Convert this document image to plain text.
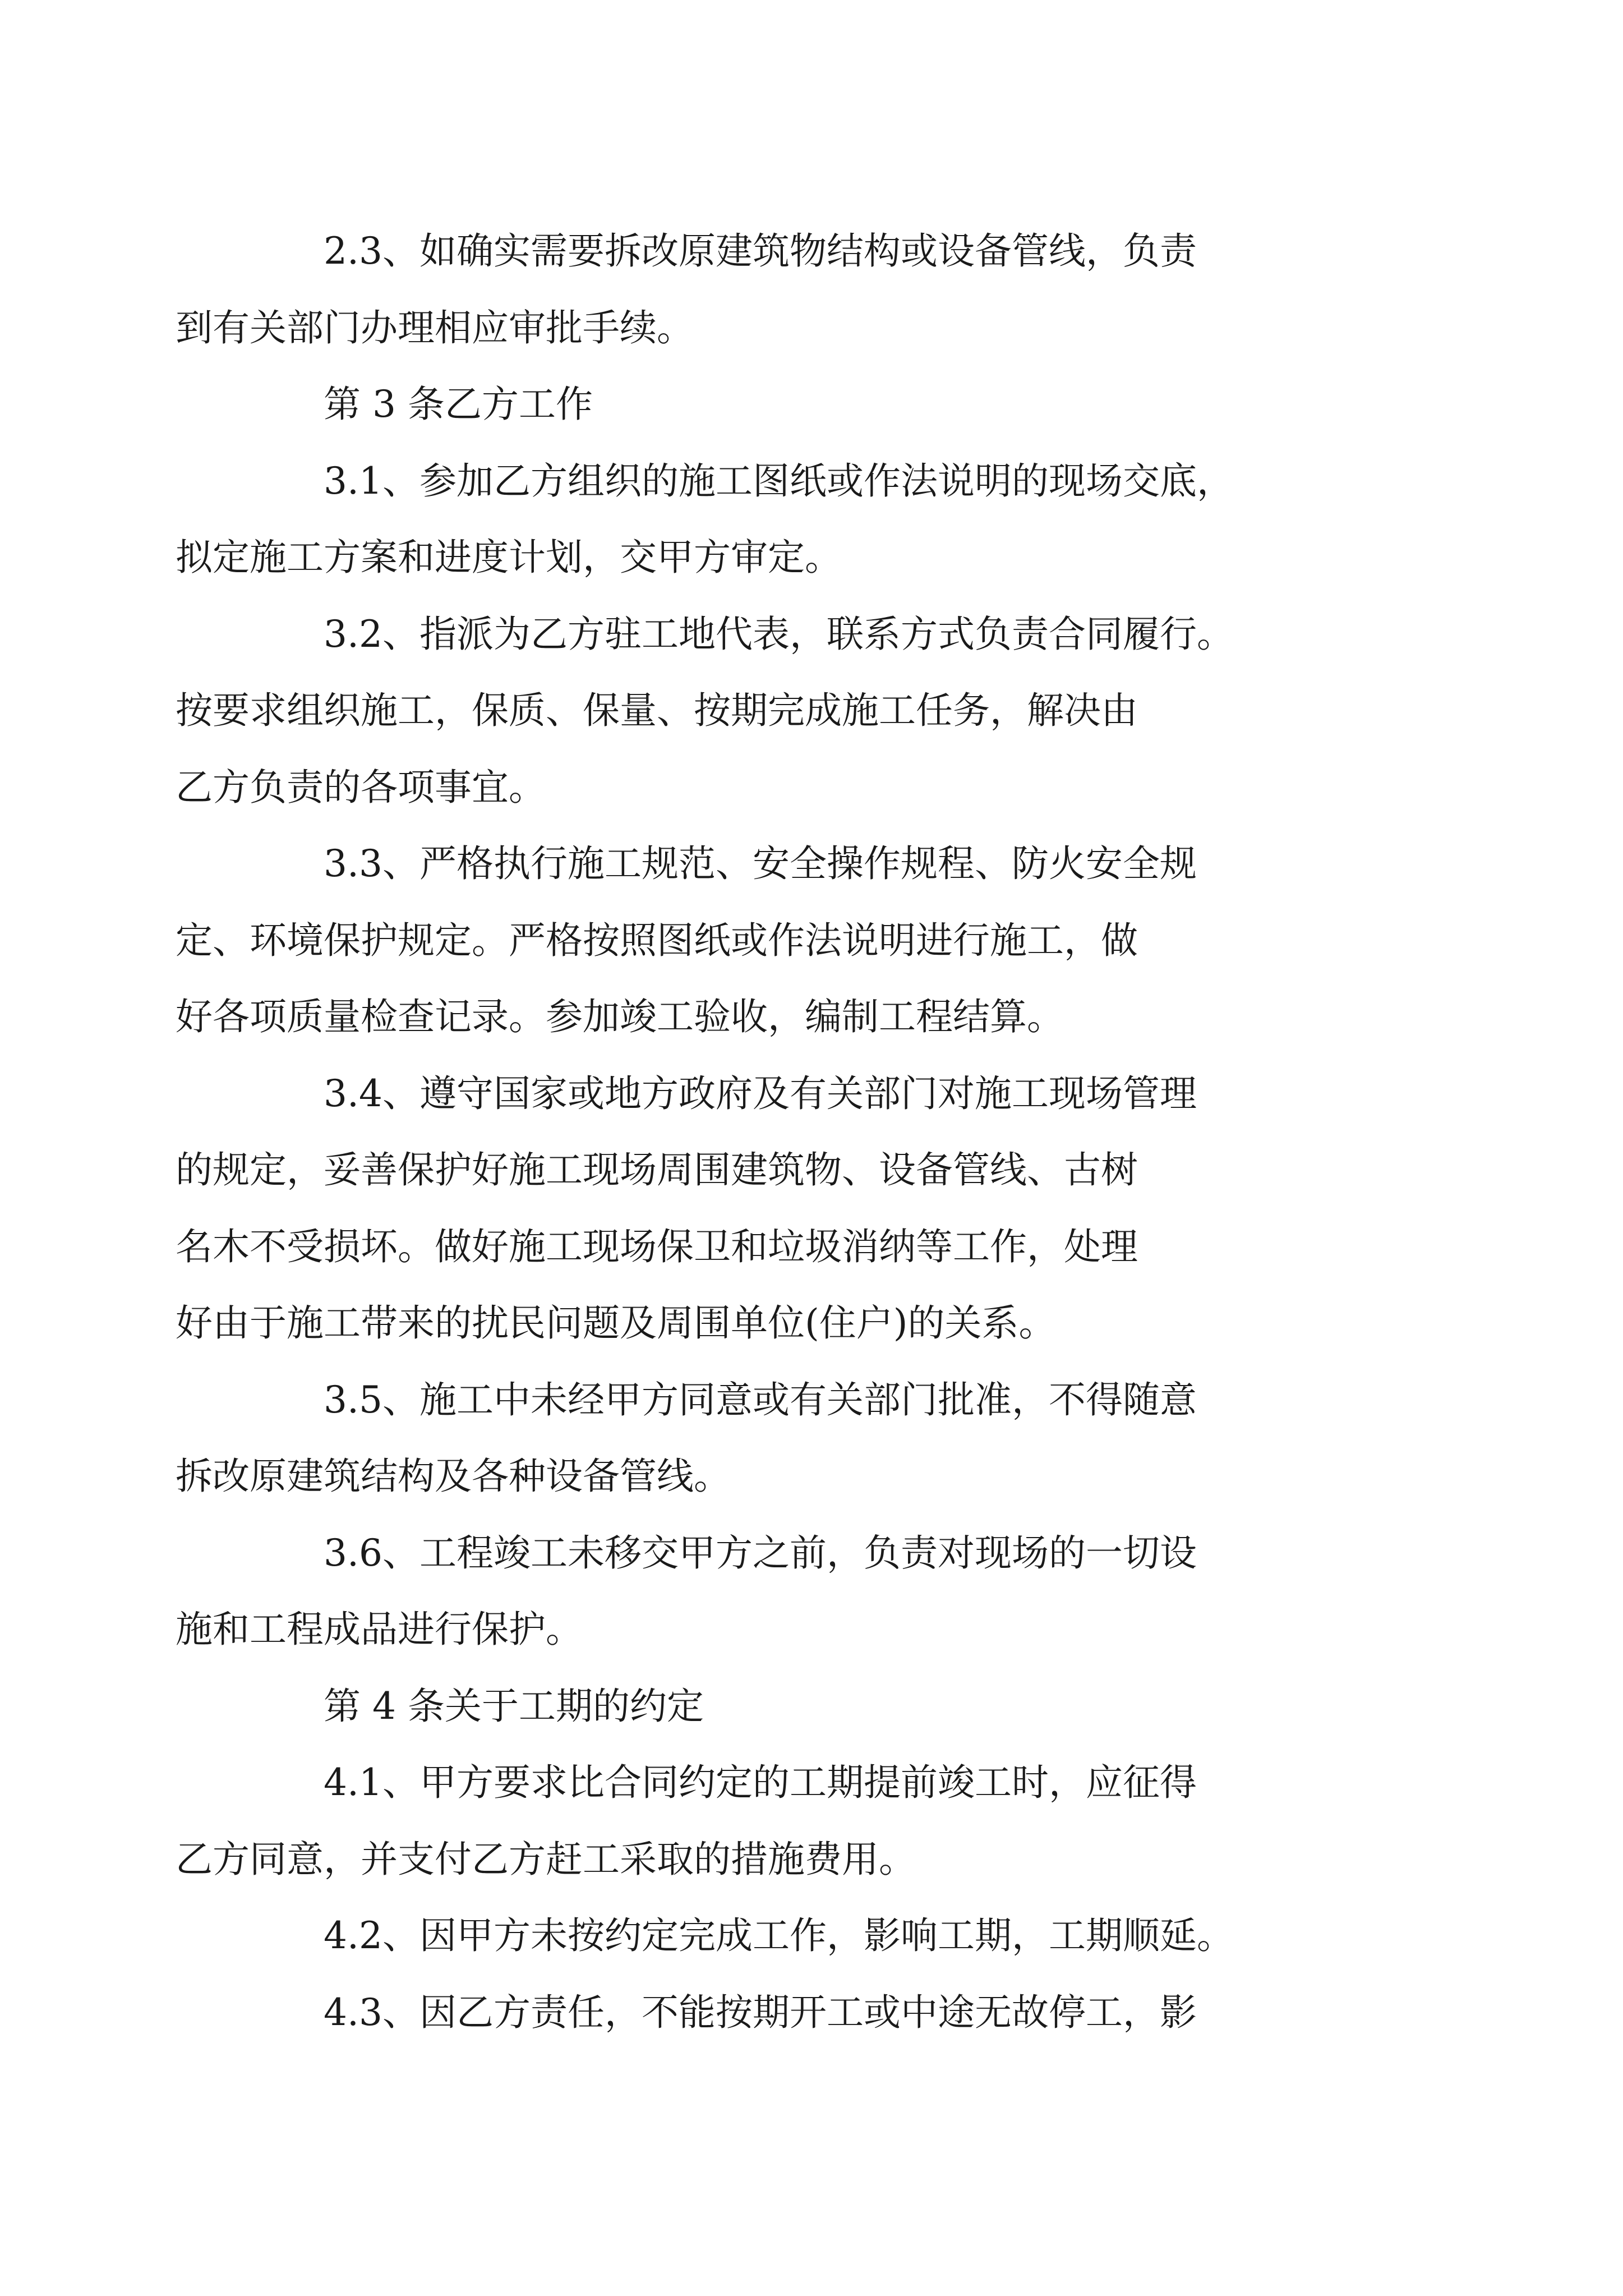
2.3、如确实需要拆改原建筑物结构或设备管线，负责
到有关部门办理相应审批手续。

第 3 条乙方工作

3.1、参加乙方组织的施工图纸或作法说明的现场交底，
拟定施工方案和进度计划，交甲方审定。

3.2、指派为乙方驻工地代表，联系方式负责合同履行。
按要求组织施工，保质、保量、按期完成施工任务，解决由
乙方负责的各项事宜。

3.3、严格执行施工规范、安全操作规程、防火安全规
定、环境保护规定。严格按照图纸或作法说明进行施工，做
好各项质量检查记录。参加竣工验收，编制工程结算。

3.4、遵守国家或地方政府及有关部门对施工现场管理
的规定，妥善保护好施工现场周围建筑物、设备管线、古树
名木不受损坏。做好施工现场保卫和垃圾消纳等工作，处理
好由于施工带来的扰民问题及周围单位(住户)的关系。

3.5、施工中未经甲方同意或有关部门批准，不得随意
拆改原建筑结构及各种设备管线。

3.6、工程竣工未移交甲方之前，负责对现场的一切设
施和工程成品进行保护。

第 4 条关于工期的约定

4.1、甲方要求比合同约定的工期提前竣工时，应征得
乙方同意，并支付乙方赶工采取的措施费用。

4.2、因甲方未按约定完成工作，影响工期，工期顺延。

4.3、因乙方责任，不能按期开工或中途无故停工，影
